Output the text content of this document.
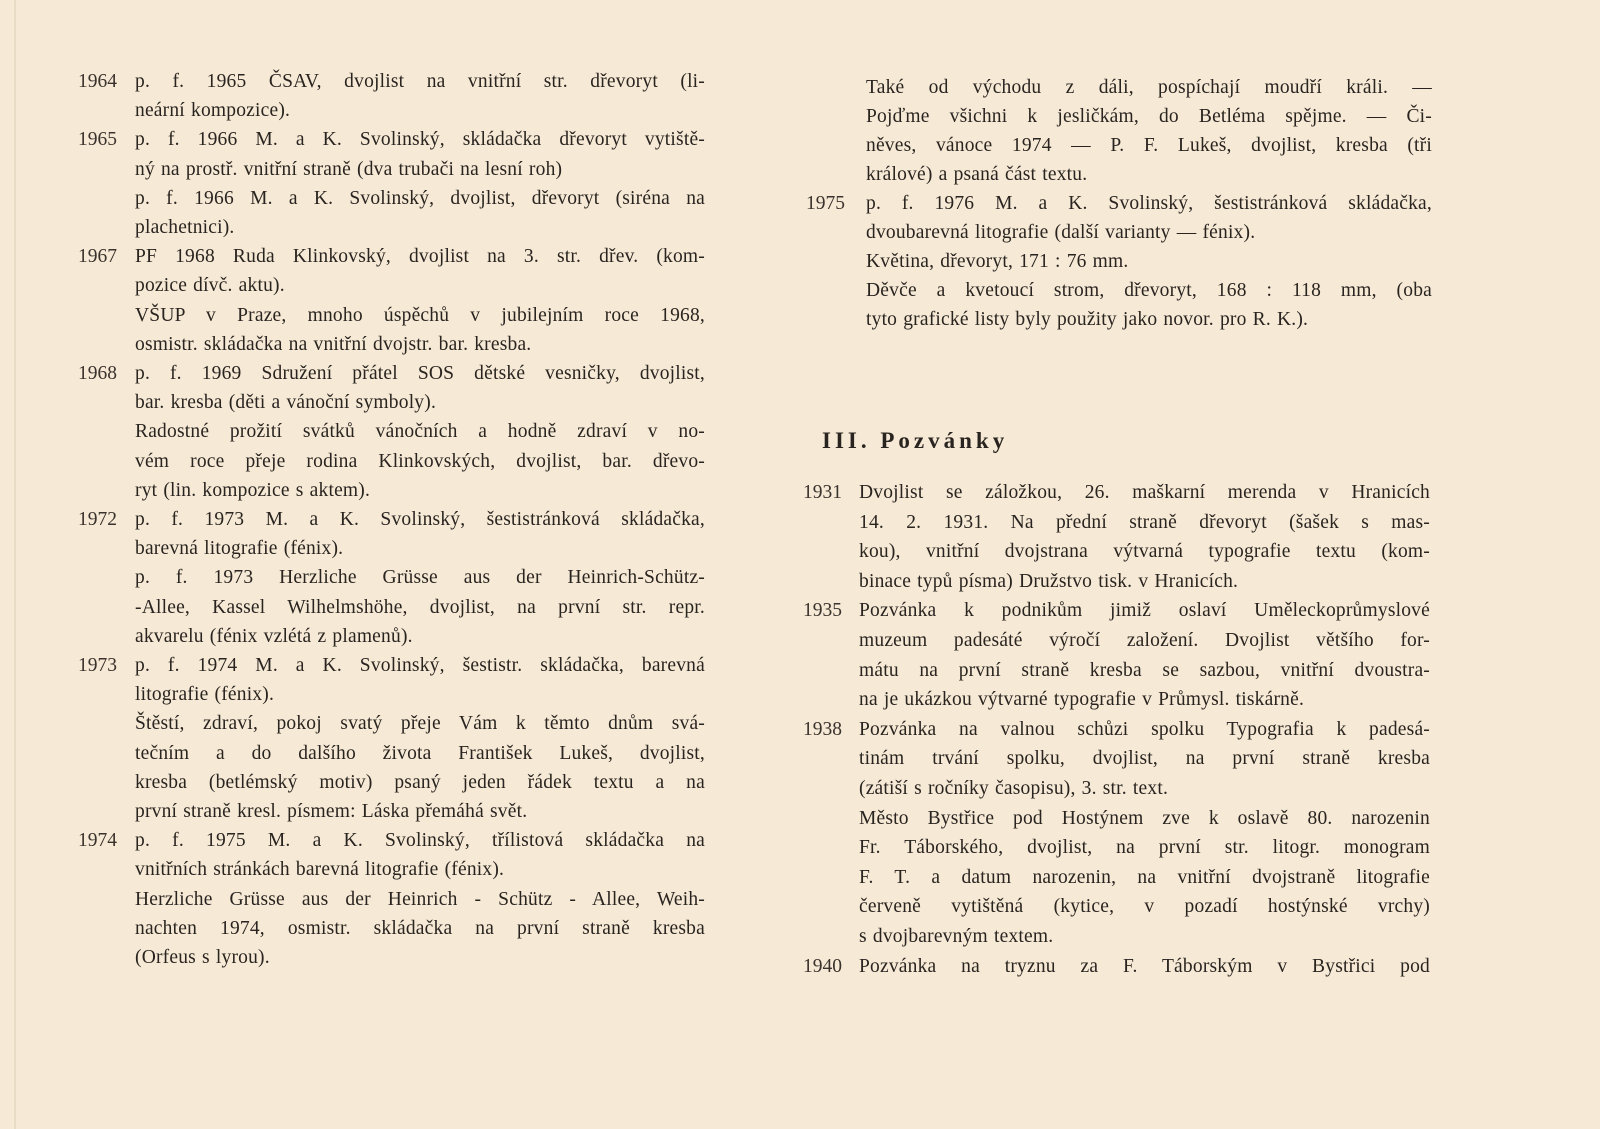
1964 p. f. 1965 ČSAV, dvojlist na vnitřní str. dřevoryt (li-
neární kompozice).
1965 p. f. 1966 M. a K. Svolinský, skládačka dřevoryt vytiště-
ný na prostř. vnitřní straně (dva trubači na lesní roh)
p. f. 1966 M. a K. Svolinský, dvojlist, dřevoryt (siréna na
plachetnici).
1967 PF 1968 Ruda Klinkovský, dvojlist na 3. str. dřev. (kom-
pozice dívč. aktu).
VŠUP v Praze, mnoho úspěchů v jubilejním roce 1968,
osmistr. skládačka na vnitřní dvojstr. bar. kresba.
1968 p. f. 1969 Sdružení přátel SOS dětské vesničky, dvojlist,
bar. kresba (děti a vánoční symboly).
Radostné prožití svátků vánočních a hodně zdraví v no-
vém roce přeje rodina Klinkovských, dvojlist, bar. dřevo-
ryt (lin. kompozice s aktem).
1972 p. f. 1973 M. a K. Svolinský, šestistránková skládačka,
barevná litografie (fénix).
p. f. 1973 Herzliche Grüsse aus der Heinrich-Schütz-
-Allee, Kassel Wilhelmshöhe, dvojlist, na první str. repr.
akvarelu (fénix vzlétá z plamenů).
1973 p. f. 1974 M. a K. Svolinský, šestistr. skládačka, barevná
litografie (fénix).
Štěstí, zdraví, pokoj svatý přeje Vám k těmto dnům svá-
tečním a do dalšího života František Lukeš, dvojlist,
kresba (betlémský motiv) psaný jeden řádek textu a na
první straně kresl. písmem: Láska přemáhá svět.
1974 p. f. 1975 M. a K. Svolinský, třílistová skládačka na
vnitřních stránkách barevná litografie (fénix).
Herzliche Grüsse aus der Heinrich - Schütz - Allee, Weih-
nachten 1974, osmistr. skládačka na první straně kresba
(Orfeus s lyrou).
Také od východu z dáli, pospíchají moudří králi. —
Pojďme všichni k jesličkám, do Betléma spějme. — Či-
něves, vánoce 1974 — P. F. Lukeš, dvojlist, kresba (tři
králové) a psaná část textu.
1975 p. f. 1976 M. a K. Svolinský, šestistránková skládačka,
dvoubarevná litografie (další varianty — fénix).
Květina, dřevoryt, 171 : 76 mm.
Děvče a kvetoucí strom, dřevoryt, 168 : 118 mm, (oba
tyto grafické listy byly použity jako novor. pro R. K.).
III. Pozvánky
1931 Dvojlist se záložkou, 26. maškarní merenda v Hranicích
14. 2. 1931. Na přední straně dřevoryt (šašek s mas-
kou), vnitřní dvojstrana výtvarná typografie textu (kom-
binace typů písma) Družstvo tisk. v Hranicích.
1935 Pozvánka k podnikům jimiž oslaví Uměleckoprůmyslové
muzeum padesáté výročí založení. Dvojlist většího for-
mátu na první straně kresba se sazbou, vnitřní dvoustra-
na je ukázkou výtvarné typografie v Průmysl. tiskárně.
1938 Pozvánka na valnou schůzi spolku Typografia k padesá-
tinám trvání spolku, dvojlist, na první straně kresba
(zátiší s ročníky časopisu), 3. str. text.
Město Bystřice pod Hostýnem zve k oslavě 80. narozenin
Fr. Táborského, dvojlist, na první str. litogr. monogram
F. T. a datum narozenin, na vnitřní dvojstraně litografie
červeně vytištěná (kytice, v pozadí hostýnské vrchy)
s dvojbarevným textem.
1940 Pozvánka na tryznu za F. Táborským v Bystřici pod
